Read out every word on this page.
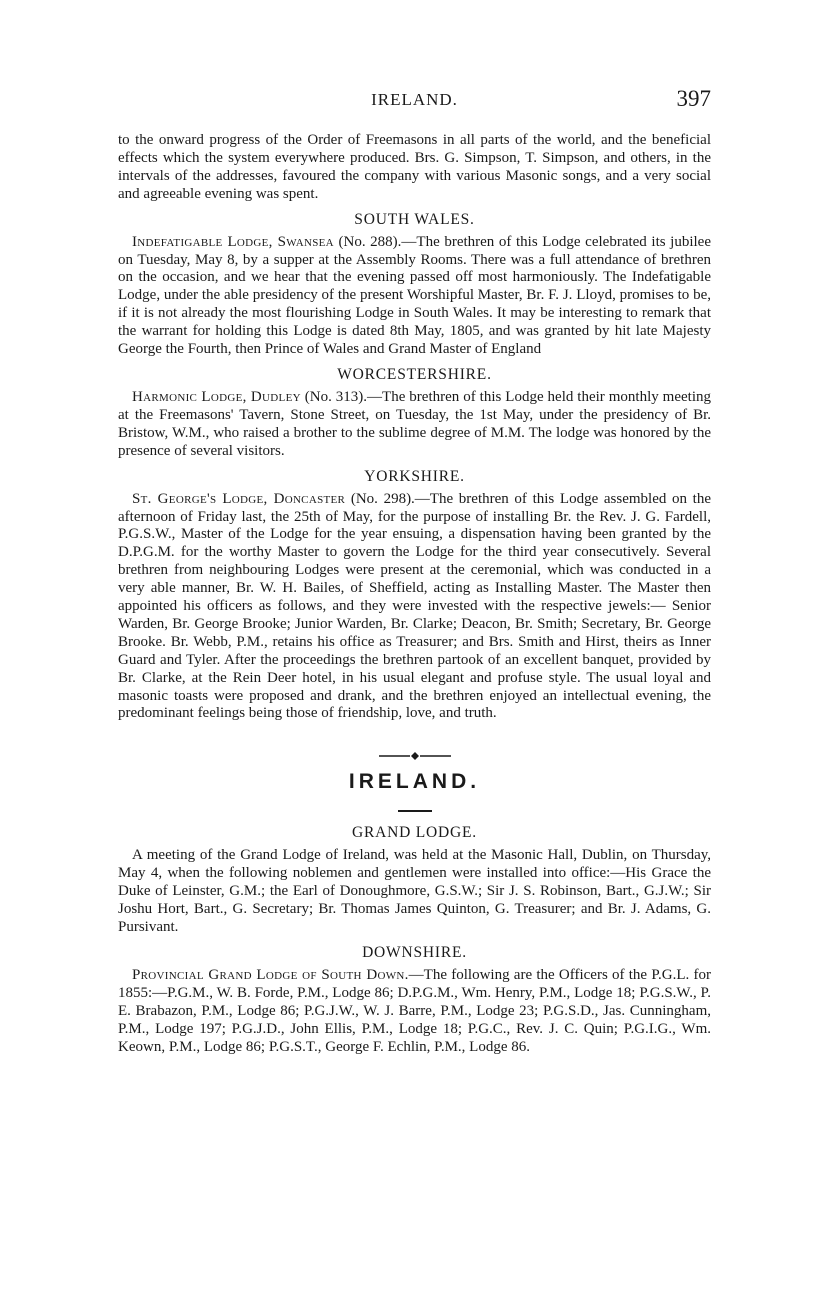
IRELAND.	397

to the onward progress of the Order of Freemasons in all parts of the world, and the beneficial effects which the system everywhere produced. Brs. G. Simpson, T. Simpson, and others, in the intervals of the addresses, favoured the company with various Masonic songs, and a very social and agreeable evening was spent.

SOUTH WALES.

Indefatigable Lodge, Swansea (No. 288).—The brethren of this Lodge celebrated its jubilee on Tuesday, May 8, by a supper at the Assembly Rooms. There was a full attendance of brethren on the occasion, and we hear that the evening passed off most harmoniously. The Indefatigable Lodge, under the able presidency of the present Worshipful Master, Br. F. J. Lloyd, promises to be, if it is not already the most flourishing Lodge in South Wales. It may be interesting to remark that the warrant for holding this Lodge is dated 8th May, 1805, and was granted by hit late Majesty George the Fourth, then Prince of Wales and Grand Master of England

WORCESTERSHIRE.

Harmonic Lodge, Dudley (No. 313).—The brethren of this Lodge held their monthly meeting at the Freemasons' Tavern, Stone Street, on Tuesday, the 1st May, under the presidency of Br. Bristow, W.M., who raised a brother to the sublime degree of M.M. The lodge was honored by the presence of several visitors.

YORKSHIRE.

St. George's Lodge, Doncaster (No. 298).—The brethren of this Lodge assembled on the afternoon of Friday last, the 25th of May, for the purpose of installing Br. the Rev. J. G. Fardell, P.G.S.W., Master of the Lodge for the year ensuing, a dispensation having been granted by the D.P.G.M. for the worthy Master to govern the Lodge for the third year consecutively. Several brethren from neighbouring Lodges were present at the ceremonial, which was conducted in a very able manner, Br. W. H. Bailes, of Sheffield, acting as Installing Master. The Master then appointed his officers as follows, and they were invested with the respective jewels:— Senior Warden, Br. George Brooke; Junior Warden, Br. Clarke; Deacon, Br. Smith; Secretary, Br. George Brooke. Br. Webb, P.M., retains his office as Treasurer; and Brs. Smith and Hirst, theirs as Inner Guard and Tyler. After the proceedings the brethren partook of an excellent banquet, provided by Br. Clarke, at the Rein Deer hotel, in his usual elegant and profuse style. The usual loyal and masonic toasts were proposed and drank, and the brethren enjoyed an intellectual evening, the predominant feelings being those of friendship, love, and truth.

IRELAND.
GRAND LODGE.

A meeting of the Grand Lodge of Ireland, was held at the Masonic Hall, Dublin, on Thursday, May 4, when the following noblemen and gentlemen were installed into office:—His Grace the Duke of Leinster, G.M.; the Earl of Donoughmore, G.S.W.; Sir J. S. Robinson, Bart., G.J.W.; Sir Joshu Hort, Bart., G. Secretary; Br. Thomas James Quinton, G. Treasurer; and Br. J. Adams, G. Pursivant.

DOWNSHIRE.

Provincial Grand Lodge of South Down.—The following are the Officers of the P.G.L. for 1855:—P.G.M., W. B. Forde, P.M., Lodge 86; D.P.G.M., Wm. Henry, P.M., Lodge 18; P.G.S.W., P. E. Brabazon, P.M., Lodge 86; P.G.J.W., W. J. Barre, P.M., Lodge 23; P.G.S.D., Jas. Cunningham, P.M., Lodge 197; P.G.J.D., John Ellis, P.M., Lodge 18; P.G.C., Rev. J. C. Quin; P.G.I.G., Wm. Keown, P.M., Lodge 86; P.G.S.T., George F. Echlin, P.M., Lodge 86.
